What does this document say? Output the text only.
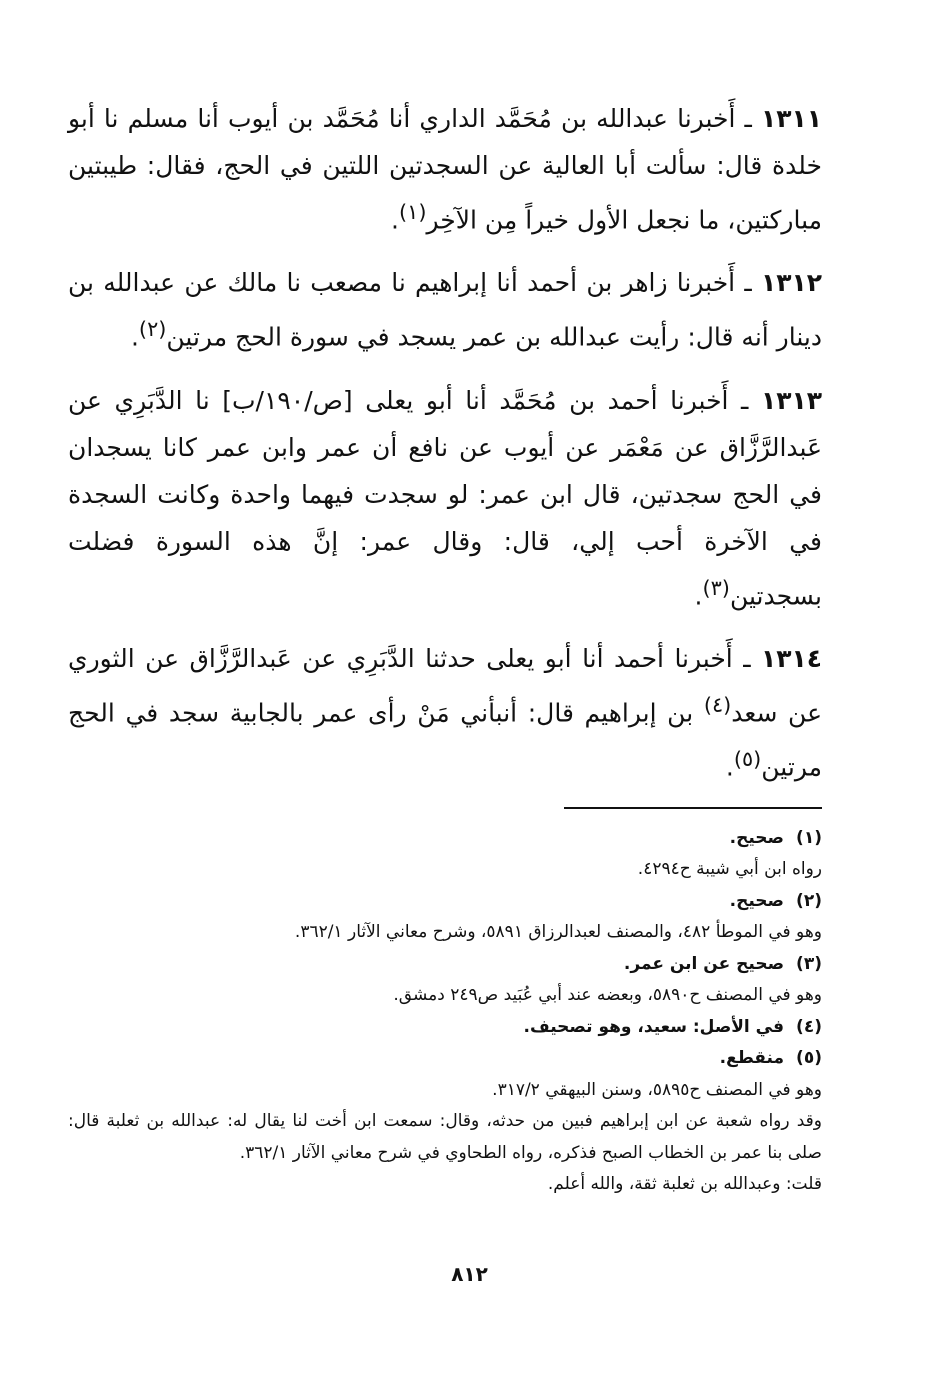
١٣١١ ـ أَخبرنا عبدالله بن مُحَمَّد الداري أنا مُحَمَّد بن أيوب أنا مسلم نا أبو خلدة قال: سألت أبا العالية عن السجدتين اللتين في الحج، فقال: طيبتين مباركتين، ما نجعل الأول خيراً مِن الآخِر$^{(١)}$.

١٣١٢ ـ أَخبرنا زاهر بن أحمد أنا إبراهيم نا مصعب نا مالك عن عبدالله بن دينار أنه قال: رأيت عبدالله بن عمر يسجد في سورة الحج مرتين$^{(٢)}$.

١٣١٣ ـ أَخبرنا أحمد بن مُحَمَّد أنا أبو يعلى [ص/١٩٠/ب] نا الدَّبَرِي عن عَبدالرَّزَّاق عن مَعْمَر عن أيوب عن نافع أن عمر وابن عمر كانا يسجدان في الحج سجدتين، قال ابن عمر: لو سجدت فيهما واحدة وكانت السجدة في الآخرة أحب إلي، قال: وقال عمر: إنَّ هذه السورة فضلت بسجدتين$^{(٣)}$.

١٣١٤ ـ أَخبرنا أحمد أنا أبو يعلى حدثنا الدَّبَرِي عن عَبدالرَّزَّاق عن الثوري عن سعد$^{(٤)}$ بن إبراهيم قال: أنبأني مَنْ رأى عمر بالجابية سجد في الحج مرتين$^{(٥)}$.

(١)
صحيح.
رواه ابن أبي شيبة ح٤٢٩٤.
(٢)
صحيح.
وهو في الموطأ ٤٨٢، والمصنف لعبدالرزاق ٥٨٩١، وشرح معاني الآثار ٣٦٢/١.
(٣)
صحيح عن ابن عمر.
وهو في المصنف ح٥٨٩٠، وبعضه عند أبي عُبَيد ص٢٤٩ دمشق.
(٤)
في الأصل: سعيد، وهو تصحيف.
(٥)
منقطع.
وهو في المصنف ح٥٨٩٥، وسنن البيهقي ٣١٧/٢.
وقد رواه شعبة عن ابن إبراهيم فبين من حدثه، وقال: سمعت ابن أخت لنا يقال له: عبدالله بن ثعلبة قال: صلى بنا عمر بن الخطاب الصبح فذكره، رواه الطحاوي في شرح معاني الآثار ٣٦٢/١.
قلت: وعبدالله بن ثعلبة ثقة، والله أعلم.
٨١٢
